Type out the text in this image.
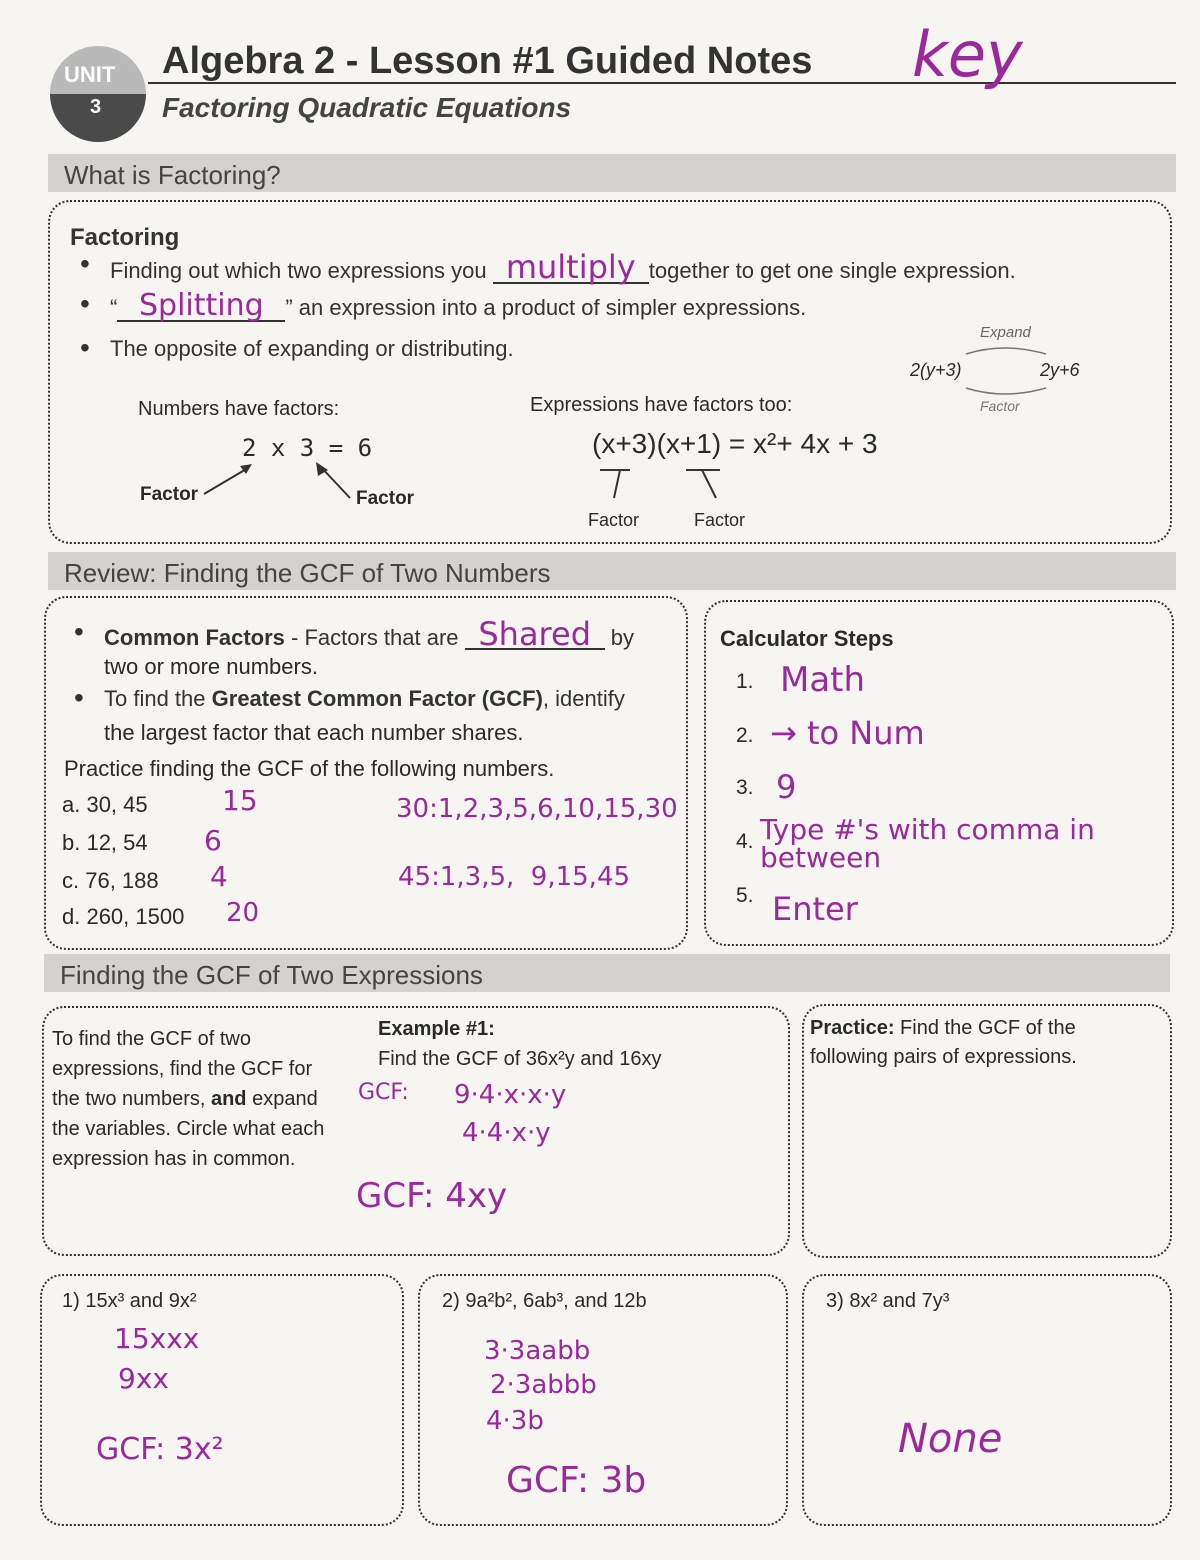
UNIT
3
Algebra 2 - Lesson #1 Guided Notes
Factoring Quadratic Equations
key
What is Factoring?
Factoring
• Finding out which two expressions you multiply together to get one single expression.
• “ Splitting ” an expression into a product of simpler expressions.
• The opposite of expanding or distributing.
Numbers have factors:
2 x 3 = 6
Factor	Factor
Expressions have factors too:
(x+3)(x+1) = x²+ 4x + 3
Factor	Factor
Expand
2(y+3)	2y+6
Factor
Review: Finding the GCF of Two Numbers
• Common Factors - Factors that are Shared by
two or more numbers.
• To find the Greatest Common Factor (GCF), identify
the largest factor that each number shares.
Practice finding the GCF of the following numbers.
a. 30, 45	15
b. 12, 54 6
c. 76, 188 4
d. 260, 1500 20
30:1,2,3,5,6,10,15,30
45:1,3,5,  9,15,45
Calculator Steps
1. Math
2. → to Num
3. 9
4. Type #'s with comma in between
5. Enter
Finding the GCF of Two Expressions
To find the GCF of two expressions, find the GCF for the two numbers, and expand the variables. Circle what each expression has in common.
Example #1:
Find the GCF of 36x²y and 16xy
GCF: 9·4·x·x·y
4·4·x·y
GCF: 4xy
Practice: Find the GCF of the following pairs of expressions.
1) 15x³ and 9x²
15xxx
9xx
GCF: 3x²
2) 9a²b², 6ab³, and 12b
3·3aabb
2·3abbb
4·3b
GCF: 3b
3) 8x² and 7y³
None
